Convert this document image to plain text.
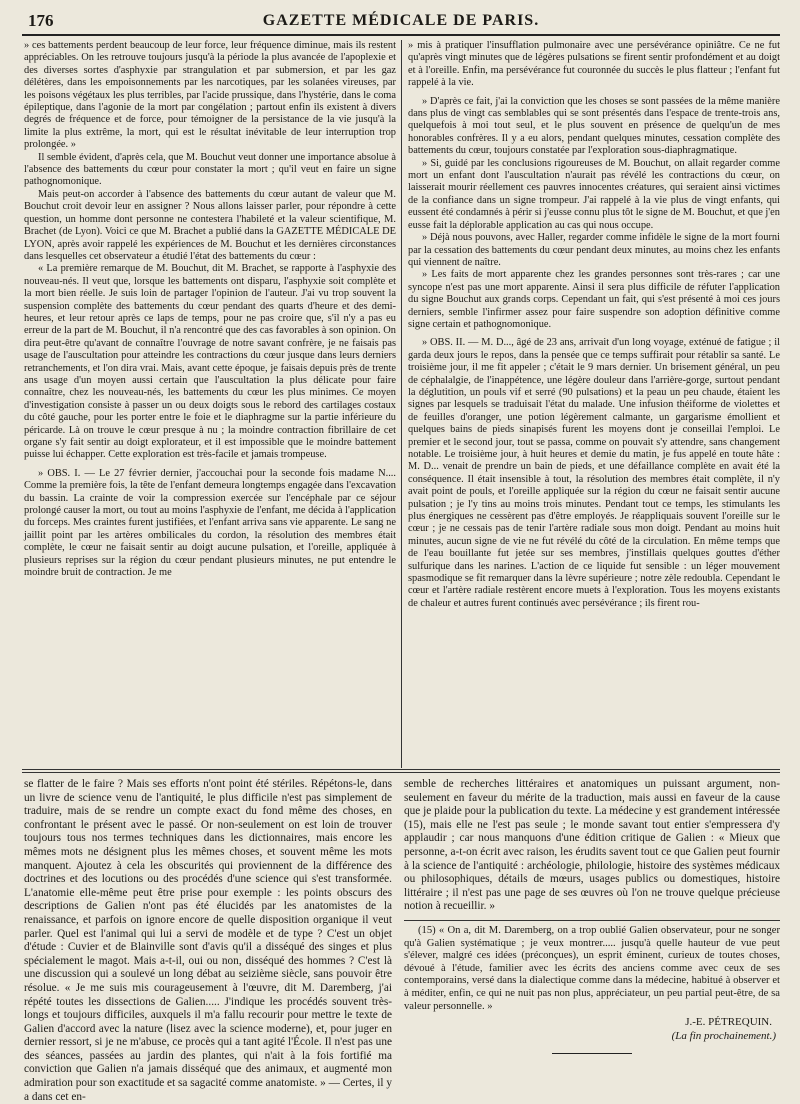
176	GAZETTE MÉDICALE DE PARIS.

» ces battements perdent beaucoup de leur force, leur fréquence diminue, mais ils restent appréciables. On les retrouve toujours jusqu'à la période la plus avancée de l'apoplexie et des diverses sortes d'asphyxie par strangulation et par submersion, et par les gaz délétères, dans les empoisonnements par les narcotiques, par les solanées vireuses, par les poisons végétaux les plus terribles, par l'acide prussique, dans l'hystérie, dans le coma épileptique, dans l'agonie de la mort par congélation ; partout enfin ils existent à divers degrés de fréquence et de force, pour témoigner de la persistance de la vie jusqu'à la limite la plus extrême, la mort, qui est le résultat inévitable de leur interruption trop prolongée. »

Il semble évident, d'après cela, que M. Bouchut veut donner une importance absolue à l'absence des battements du cœur pour constater la mort ; qu'il veut en faire un signe pathognomonique.

Mais peut-on accorder à l'absence des battements du cœur autant de valeur que M. Bouchut croit devoir leur en assigner ? Nous allons laisser parler, pour répondre à cette question, un homme dont personne ne contestera l'habileté et la valeur scientifique, M. Brachet (de Lyon). Voici ce que M. Brachet a publié dans la GAZETTE MÉDICALE DE LYON, après avoir rappelé les expériences de M. Bouchut et les dernières circonstances dans lesquelles cet observateur a étudié l'état des battements du cœur :

« La première remarque de M. Bouchut, dit M. Brachet, se rapporte à l'asphyxie des nouveau-nés. Il veut que, lorsque les battements ont disparu, l'asphyxie soit complète et la mort bien réelle. Je suis loin de partager l'opinion de l'auteur. J'ai vu trop souvent la suspension complète des battements du cœur pendant des quarts d'heure et des demi-heures, et leur retour après ce laps de temps, pour ne pas croire que, s'il n'y a pas eu erreur de la part de M. Bouchut, il n'a rencontré que des cas favorables à son opinion. On dira peut-être qu'avant de connaître l'ouvrage de notre savant confrère, je ne faisais pas usage de l'auscultation pour atteindre les contractions du cœur jusque dans leurs derniers retranchements, et l'on dira vrai. Mais, avant cette époque, je faisais depuis près de trente ans usage d'un moyen aussi certain que l'auscultation la plus délicate pour faire connaître, chez les nouveau-nés, les battements du cœur les plus minimes. Ce moyen d'investigation consiste à passer un ou deux doigts sous le rebord des cartilages costaux du côté gauche, pour les porter entre le foie et le diaphragme sur la partie inférieure du péricarde. Là on trouve le cœur presque à nu ; la moindre contraction fibrillaire de cet organe s'y fait sentir au doigt explorateur, et il est impossible que le moindre battement puisse lui échapper. Cette exploration est très-facile et jamais trompeuse.

» OBS. I. — Le 27 février dernier, j'accouchai pour la seconde fois madame N.... Comme la première fois, la tête de l'enfant demeura longtemps engagée dans l'excavation du bassin. La crainte de voir la compression exercée sur l'encéphale par ce séjour prolongé causer la mort, ou tout au moins l'asphyxie de l'enfant, me décida à l'application du forceps. Mes craintes furent justifiées, et l'enfant arriva sans vie apparente. Le sang ne jaillit point par les artères ombilicales du cordon, la résolution des membres était complète, le cœur ne faisait sentir au doigt aucune pulsation, et l'oreille, appliquée à plusieurs reprises sur la région du cœur pendant plusieurs minutes, ne put entendre le moindre bruit de contraction. Je me

» mis à pratiquer l'insufflation pulmonaire avec une persévérance opiniâtre. Ce ne fut qu'après vingt minutes que de légères pulsations se firent sentir profondément et au doigt et à l'oreille. Enfin, ma persévérance fut couronnée du succès le plus flatteur ; l'enfant fut rappelé à la vie.

» D'après ce fait, j'ai la conviction que les choses se sont passées de la même manière dans plus de vingt cas semblables qui se sont présentés dans l'espace de trente-trois ans, quelquefois à moi tout seul, et le plus souvent en présence de quelqu'un de mes honorables confrères. Il y a eu alors, pendant quelques minutes, cessation complète des battements du cœur, toujours constatée par l'exploration sous-diaphragmatique.

» Si, guidé par les conclusions rigoureuses de M. Bouchut, on allait regarder comme mort un enfant dont l'auscultation n'aurait pas révélé les contractions du cœur, on laisserait mourir réellement ces pauvres innocentes créatures, qui seraient ainsi victimes de la confiance dans un signe trompeur. J'ai rappelé à la vie plus de vingt enfants, qui eussent été condamnés à périr si j'eusse connu plus tôt le signe de M. Bouchut, et que j'en eusse fait la déplorable application au cas qui nous occupe.

» Déjà nous pouvons, avec Haller, regarder comme infidèle le signe de la mort fourni par la cessation des battements du cœur pendant deux minutes, au moins chez les enfants qui viennent de naître.

» Les faits de mort apparente chez les grandes personnes sont très-rares ; car une syncope n'est pas une mort apparente. Ainsi il sera plus difficile de réfuter l'application du signe Bouchut aux grands corps. Cependant un fait, qui s'est présenté à moi ces jours derniers, semble l'infirmer assez pour faire suspendre son adoption définitive comme signe certain et pathognomonique.

» OBS. II. — M. D..., âgé de 23 ans, arrivait d'un long voyage, exténué de fatigue ; il garda deux jours le repos, dans la pensée que ce temps suffirait pour rétablir sa santé. Le troisième jour, il me fit appeler ; c'était le 9 mars dernier. Un brisement général, un peu de céphalalgie, de l'inappétence, une légère douleur dans l'arrière-gorge, surtout pendant la déglutition, un pouls vif et serré (90 pulsations) et la peau un peu chaude, étaient les signes par lesquels se traduisait l'état du malade. Une infusion théiforme de violettes et de feuilles d'oranger, une potion légèrement calmante, un gargarisme émollient et quelques bains de pieds sinapisés furent les moyens dont je conseillai l'emploi. Le premier et le second jour, tout se passa, comme on pouvait s'y attendre, sans changement notable. Le troisième jour, à huit heures et demie du matin, je fus appelé en toute hâte : M. D... venait de prendre un bain de pieds, et une défaillance complète en avait été la conséquence. Il était insensible à tout, la résolution des membres était complète, il n'y avait point de pouls, et l'oreille appliquée sur la région du cœur ne faisait sentir aucune pulsation ; je l'y tins au moins trois minutes. Pendant tout ce temps, les stimulants les plus énergiques ne cessèrent pas d'être employés. Je réappliquais souvent l'oreille sur le cœur ; je ne cessais pas de tenir l'artère radiale sous mon doigt. Pendant au moins huit minutes, aucun signe de vie ne fut révélé du côté de la circulation. En même temps que de l'eau bouillante fut jetée sur ses membres, j'instillais quelques gouttes d'éther sulfurique dans les narines. L'action de ce liquide fut sensible : un léger mouvement spasmodique se fit remarquer dans la lèvre supérieure ; notre zèle redoubla. Cependant le cœur et l'artère radiale restèrent encore muets à l'exploration. Tous les moyens existants de chaleur et autres furent continués avec persévérance ; ils firent rou-

se flatter de le faire ? Mais ses efforts n'ont point été stériles. Répétons-le, dans un livre de science venu de l'antiquité, le plus difficile n'est pas simplement de traduire, mais de se rendre un compte exact du fond même des choses, en confrontant le présent avec le passé. Or non-seulement on est loin de trouver toujours tous nos termes techniques dans les dictionnaires, mais encore les mêmes mots ne désignent plus les mêmes choses, et souvent même les mots manquent. Ajoutez à cela les obscurités qui proviennent de la différence des doctrines et des locutions ou des procédés d'une science qui s'est transformée. L'anatomie elle-même peut être prise pour exemple : les points obscurs des descriptions de Galien n'ont pas été élucidés par les anatomistes de la renaissance, et parfois on ignore encore de quelle disposition organique il veut parler. Quel est l'animal qui lui a servi de modèle et de type ? C'est un objet d'étude : Cuvier et de Blainville sont d'avis qu'il a disséqué des singes et plus spécialement le magot. Mais a-t-il, oui ou non, disséqué des hommes ? C'est là une discussion qui a soulevé un long débat au seizième siècle, sans pouvoir être résolue. « Je me suis mis courageusement à l'œuvre, dit M. Daremberg, j'ai répété toutes les dissections de Galien..... J'indique les procédés souvent très-longs et toujours difficiles, auxquels il m'a fallu recourir pour mettre le texte de Galien d'accord avec la nature (lisez avec la science moderne), et, pour juger en dernier ressort, si je ne m'abuse, ce procès qui a tant agité l'École. Il n'est pas une des séances, passées au jardin des plantes, qui n'ait à la fois fortifié ma conviction que Galien n'a jamais disséqué que des animaux, et augmenté mon admiration pour son exactitude et sa sagacité comme anatomiste. » — Certes, il y a dans cet en-

semble de recherches littéraires et anatomiques un puissant argument, non-seulement en faveur du mérite de la traduction, mais aussi en faveur de la cause que je plaide pour la publication du texte. La médecine y est grandement intéressée (15), mais elle ne l'est pas seule ; le monde savant tout entier s'empressera d'y applaudir ; car nous manquons d'une édition critique de Galien : « Mieux que personne, a-t-on écrit avec raison, les érudits savent tout ce que Galien peut fournir à la science de l'antiquité : archéologie, philologie, histoire des systèmes médicaux ou philosophiques, détails de mœurs, usages publics ou domestiques, histoire littéraire ; il n'est pas une page de ses œuvres où l'on ne trouve quelque précieuse notion à recueillir. »

(15) « On a, dit M. Daremberg, on a trop oublié Galien observateur, pour ne songer qu'à Galien systématique ; je veux montrer..... jusqu'à quelle hauteur de vue peut s'élever, malgré ces idées (préconçues), un esprit éminent, curieux de toutes choses, dévoué à l'étude, familier avec les écrits des anciens comme avec ceux de ses contemporains, versé dans la dialectique comme dans la médecine, habitué à observer et à méditer, enfin, ce qui ne nuit pas non plus, appréciateur, un peu partial peut-être, de sa valeur personnelle. »

J.-E. PÉTREQUIN.
(La fin prochainement.)
